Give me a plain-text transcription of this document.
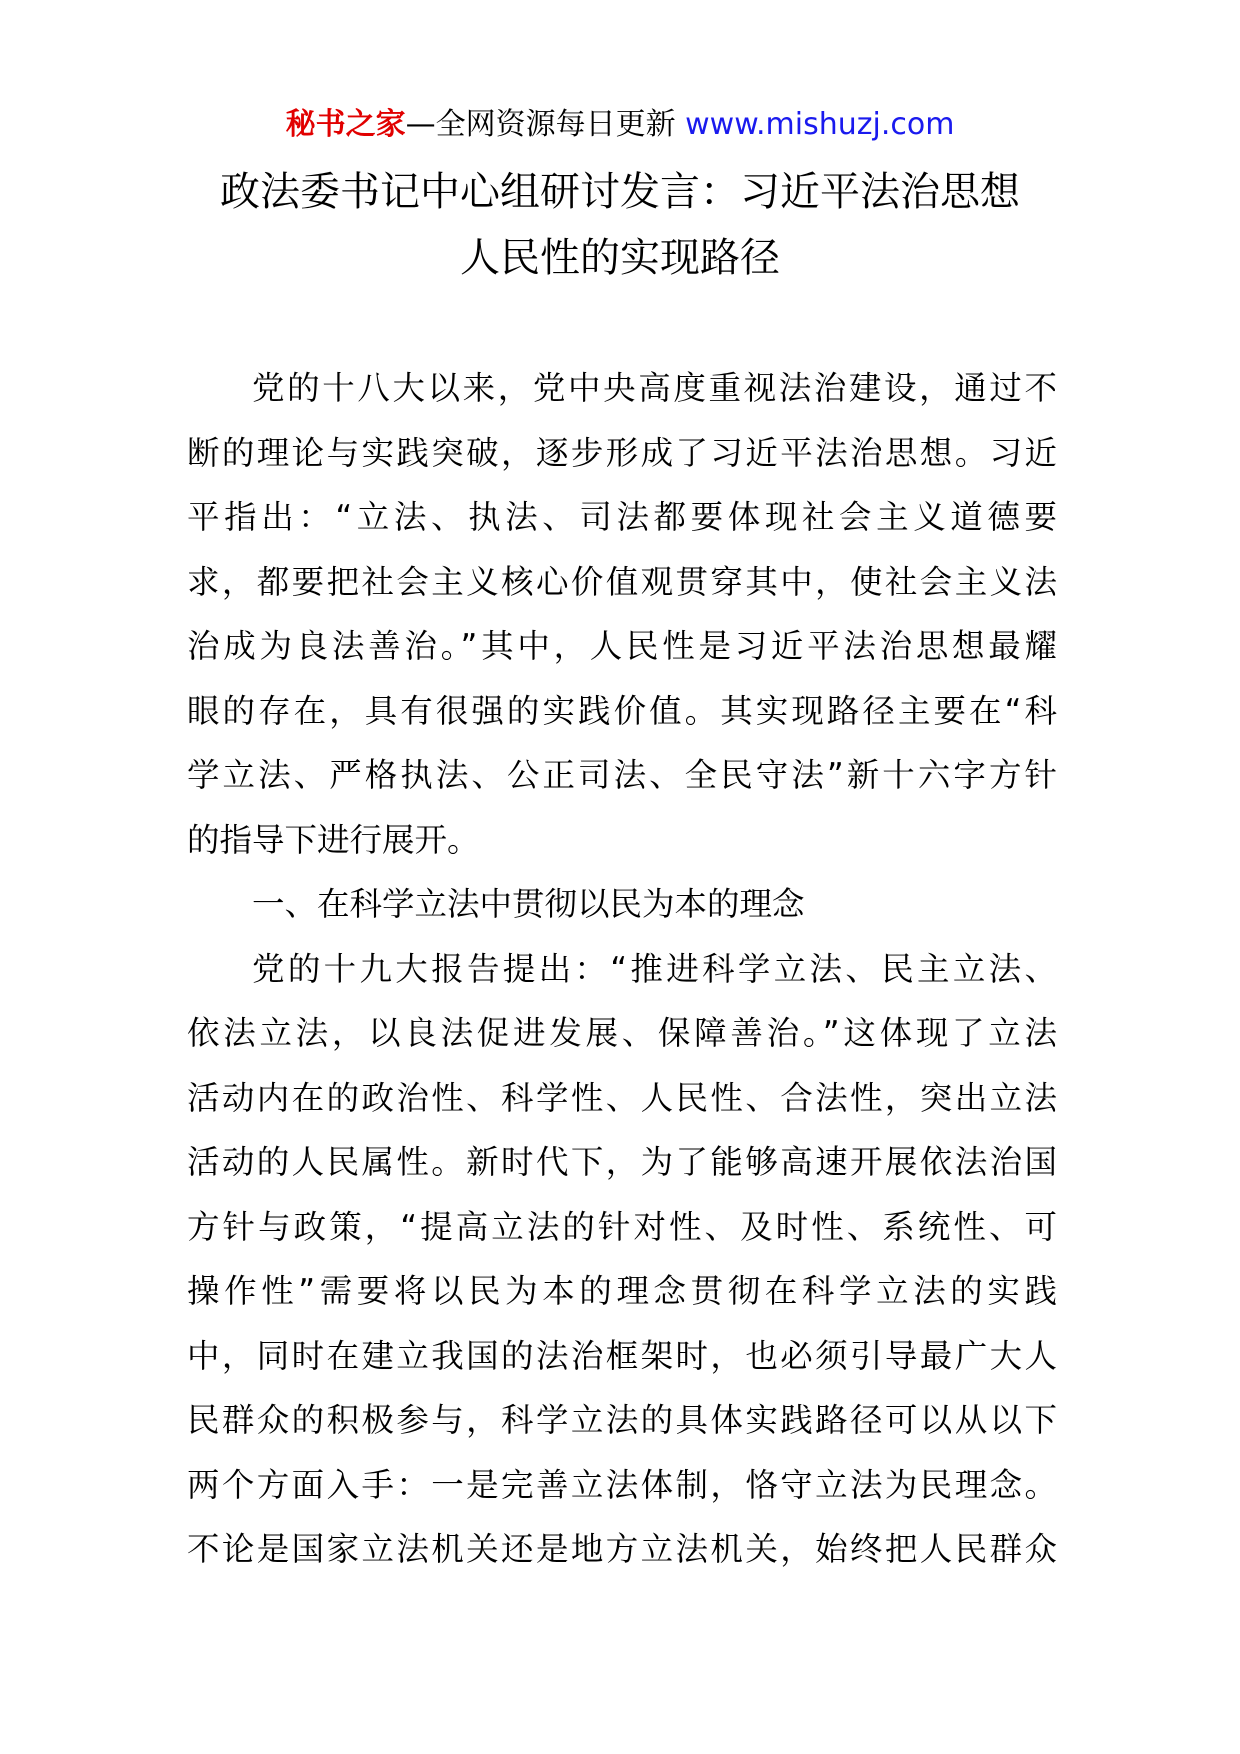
秘书之家—全网资源每日更新 www.mishuzj.com
政法委书记中心组研讨发言：习近平法治思想
人民性的实现路径
党的十八大以来，党中央高度重视法治建设，通过不
断的理论与实践突破，逐步形成了习近平法治思想。习近
平指出：“立法、执法、司法都要体现社会主义道德要
求，都要把社会主义核心价值观贯穿其中，使社会主义法
治成为良法善治。”其中，人民性是习近平法治思想最耀
眼的存在，具有很强的实践价值。其实现路径主要在“科
学立法、严格执法、公正司法、全民守法”新十六字方针
的指导下进行展开。
一、在科学立法中贯彻以民为本的理念
党的十九大报告提出：“推进科学立法、民主立法、
依法立法，以良法促进发展、保障善治。”这体现了立法
活动内在的政治性、科学性、人民性、合法性，突出立法
活动的人民属性。新时代下，为了能够高速开展依法治国
方针与政策，“提高立法的针对性、及时性、系统性、可
操作性”需要将以民为本的理念贯彻在科学立法的实践
中，同时在建立我国的法治框架时，也必须引导最广大人
民群众的积极参与，科学立法的具体实践路径可以从以下
两个方面入手：一是完善立法体制，恪守立法为民理念。
不论是国家立法机关还是地方立法机关，始终把人民群众
